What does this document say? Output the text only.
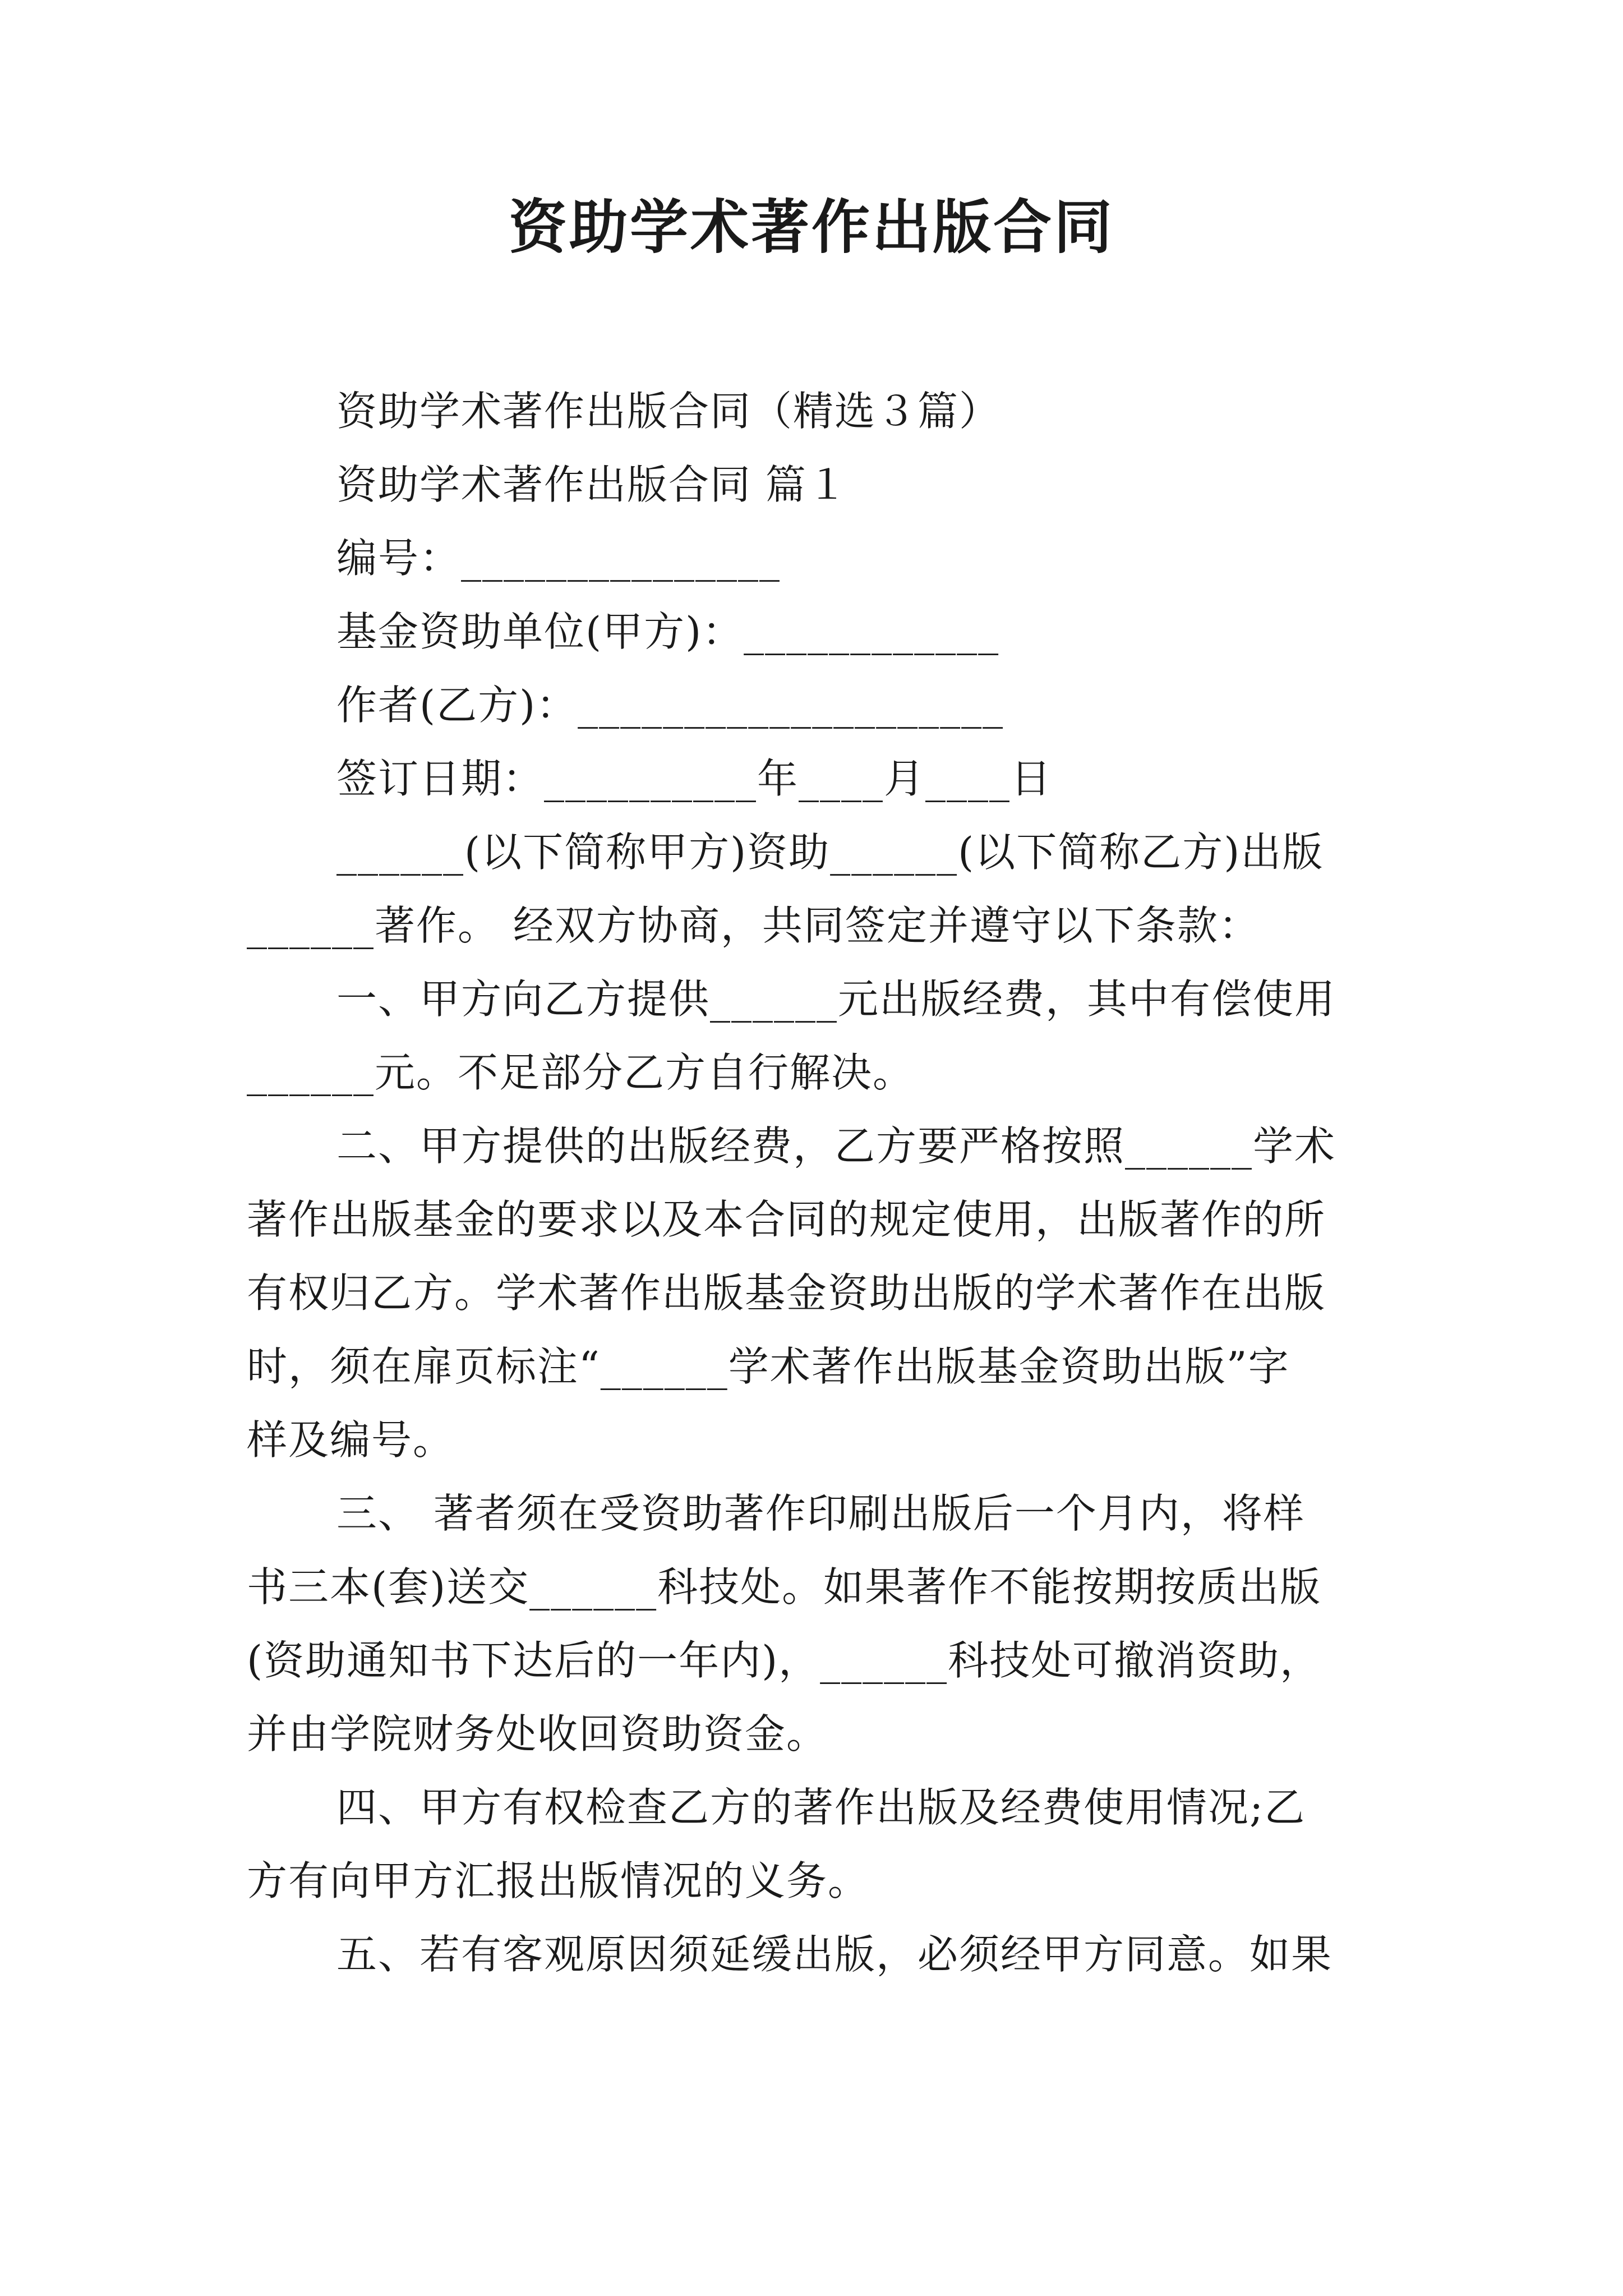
资助学术著作出版合同

资助学术著作出版合同（精选３篇）

资助学术著作出版合同 篇１

编号：_______________

基金资助单位(甲方)：____________

作者(乙方)：____________________

签订日期：__________年____月____日

______(以下简称甲方)资助______(以下简称乙方)出版

______著作。 经双方协商，共同签定并遵守以下条款：

一、甲方向乙方提供______元出版经费，其中有偿使用

______元。不足部分乙方自行解决。

二、甲方提供的出版经费，乙方要严格按照______学术

著作出版基金的要求以及本合同的规定使用，出版著作的所

有权归乙方。学术著作出版基金资助出版的学术著作在出版

时，须在扉页标注“______学术著作出版基金资助出版”字

样及编号。

三、 著者须在受资助著作印刷出版后一个月内，将样

书三本(套)送交______科技处。如果著作不能按期按质出版

(资助通知书下达后的一年内)，______科技处可撤消资助，

并由学院财务处收回资助资金。

四、甲方有权检查乙方的著作出版及经费使用情况;乙

方有向甲方汇报出版情况的义务。

五、若有客观原因须延缓出版，必须经甲方同意。如果
